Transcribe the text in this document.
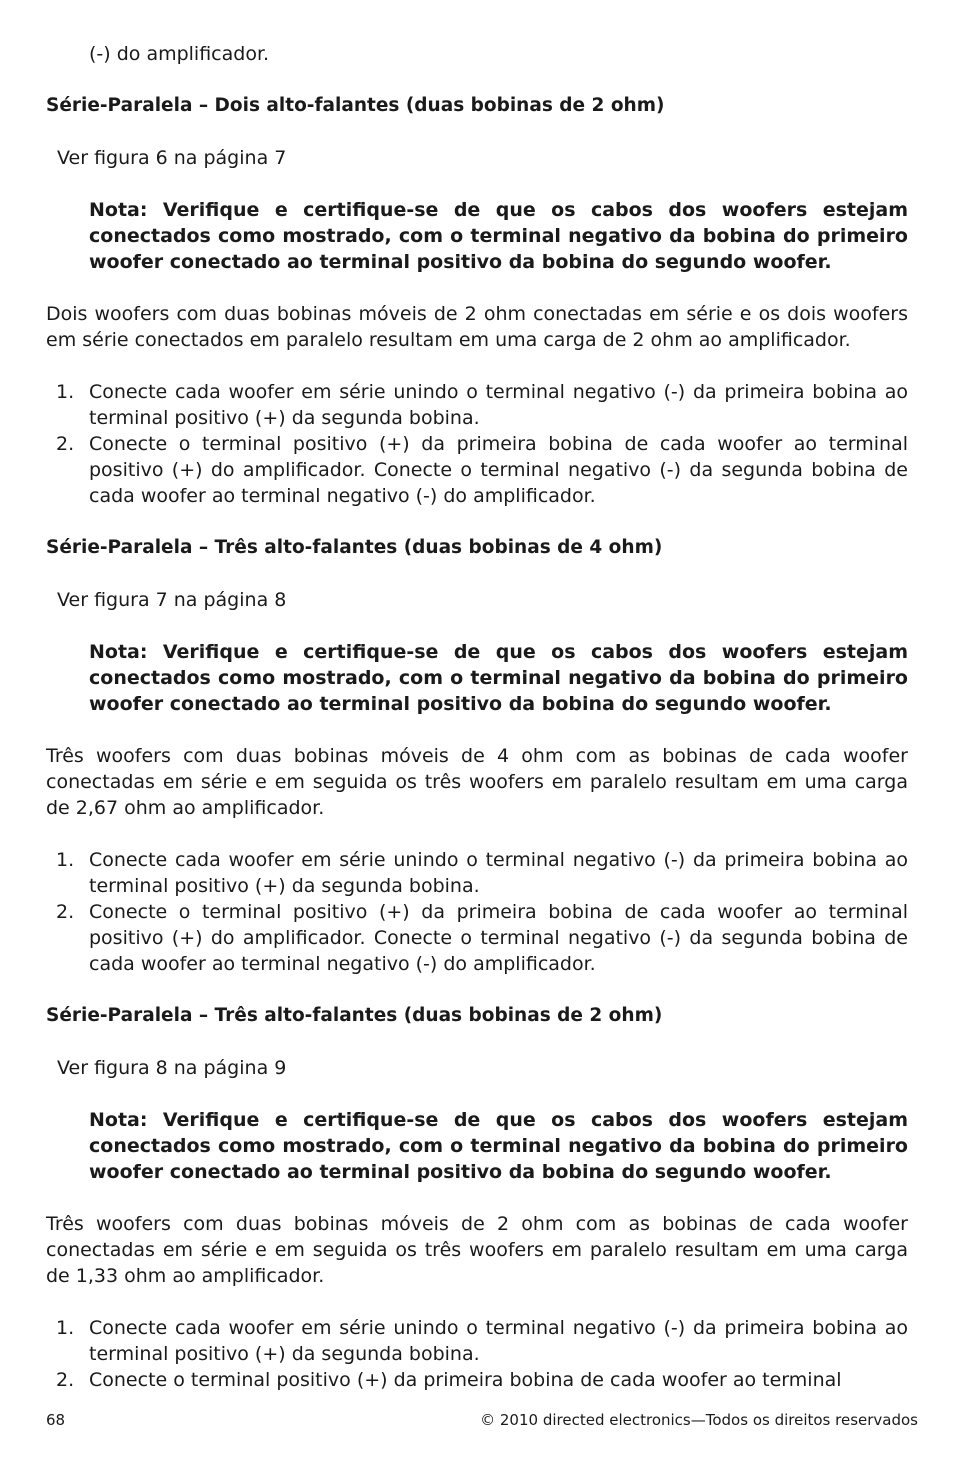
(-) do amplificador.
Série-Paralela – Dois alto-falantes (duas bobinas de 2 ohm)
Ver figura 6 na página 7
Nota: Verifique e certifique-se de que os cabos dos woofers estejam conectados como mostrado, com o terminal negativo da bobina do primeiro woofer conectado ao terminal positivo da bobina do segundo woofer.
Dois woofers com duas bobinas móveis de 2 ohm conectadas em série e os dois woofers em série conectados em paralelo resultam em uma carga de 2 ohm ao amplificador.
1. Conecte cada woofer em série unindo o terminal negativo (-) da primeira bobina ao terminal positivo (+) da segunda bobina.
2. Conecte o terminal positivo (+) da primeira bobina de cada woofer ao terminal positivo (+) do amplificador. Conecte o terminal negativo (-) da segunda bobina de cada woofer ao terminal negativo (-) do amplificador.
Série-Paralela – Três alto-falantes (duas bobinas de 4 ohm)
Ver figura 7 na página 8
Nota: Verifique e certifique-se de que os cabos dos woofers estejam conectados como mostrado, com o terminal negativo da bobina do primeiro woofer conectado ao terminal positivo da bobina do segundo woofer.
Três woofers com duas bobinas móveis de 4 ohm com as bobinas de cada woofer conectadas em série e em seguida os três woofers em paralelo resultam em uma carga de 2,67 ohm ao amplificador.
1. Conecte cada woofer em série unindo o terminal negativo (-) da primeira bobina ao terminal positivo (+) da segunda bobina.
2. Conecte o terminal positivo (+) da primeira bobina de cada woofer ao terminal positivo (+) do amplificador. Conecte o terminal negativo (-) da segunda bobina de cada woofer ao terminal negativo (-) do amplificador.
Série-Paralela – Três alto-falantes (duas bobinas de 2 ohm)
Ver figura 8 na página 9
Nota: Verifique e certifique-se de que os cabos dos woofers estejam conectados como mostrado, com o terminal negativo da bobina do primeiro woofer conectado ao terminal positivo da bobina do segundo woofer.
Três woofers com duas bobinas móveis de 2 ohm com as bobinas de cada woofer conectadas em série e em seguida os três woofers em paralelo resultam em uma carga de 1,33 ohm ao amplificador.
1. Conecte cada woofer em série unindo o terminal negativo (-) da primeira bobina ao terminal positivo (+) da segunda bobina.
2. Conecte o terminal positivo (+) da primeira bobina de cada woofer ao terminal
68	© 2010 directed electronics—Todos os direitos reservados
